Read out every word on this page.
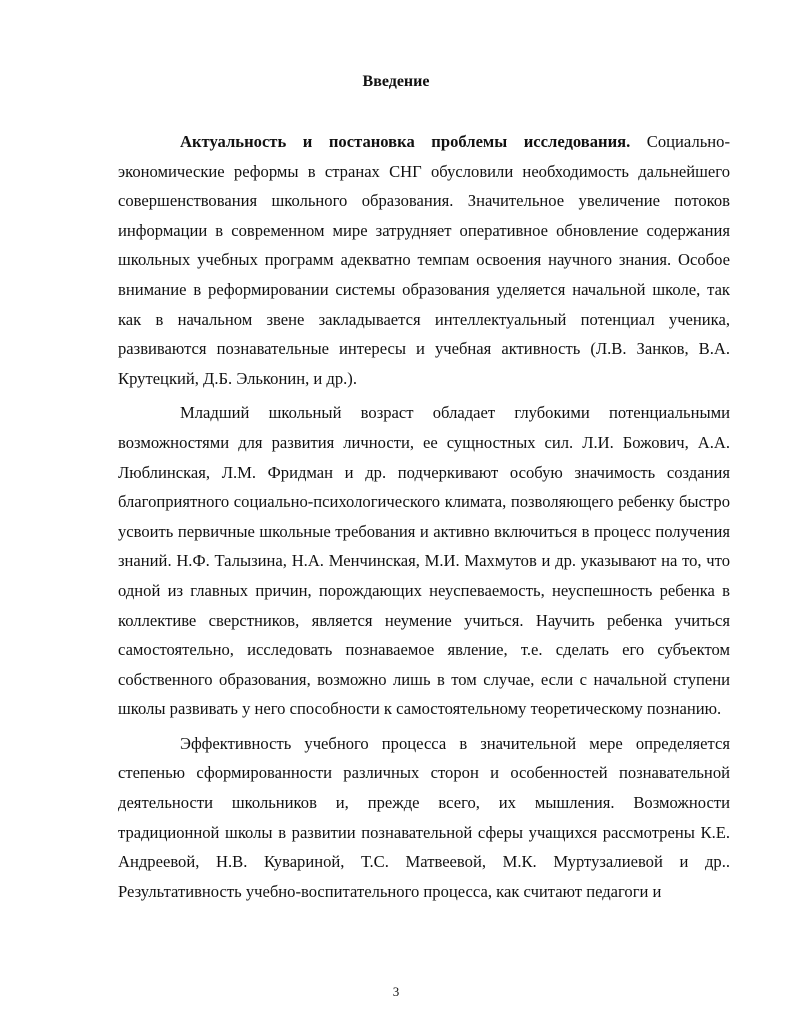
Введение

Актуальность и постановка проблемы исследования. Социально-экономические реформы в странах СНГ обусловили необходимость дальнейшего совершенствования школьного образования. Значительное увеличение потоков информации в современном мире затрудняет оперативное обновление содержания школьных учебных программ адекватно темпам освоения научного знания. Особое внимание в реформировании системы образования уделяется начальной школе, так как в начальном звене закладывается интеллектуальный потенциал ученика, развиваются познавательные интересы и учебная активность (Л.В. Занков, В.А. Крутецкий, Д.Б. Эльконин, и др.).

Младший школьный возраст обладает глубокими потенциальными возможностями для развития личности, ее сущностных сил. Л.И. Божович, А.А. Люблинская, Л.М. Фридман и др. подчеркивают особую значимость создания благоприятного социально-психологического климата, позволяющего ребенку быстро усвоить первичные школьные требования и активно включиться в процесс получения знаний. Н.Ф. Талызина, Н.А. Менчинская, М.И. Махмутов и др. указывают на то, что одной из главных причин, порождающих неуспеваемость, неуспешность ребенка в коллективе сверстников, является неумение учиться. Научить ребенка учиться самостоятельно, исследовать познаваемое явление, т.е. сделать его субъектом собственного образования, возможно лишь в том случае, если с начальной ступени школы развивать у него способности к самостоятельному теоретическому познанию.

Эффективность учебного процесса в значительной мере определяется степенью сформированности различных сторон и особенностей познавательной деятельности школьников и, прежде всего, их мышления. Возможности традиционной школы в развитии познавательной сферы учащихся рассмотрены К.Е. Андреевой, Н.В. Кувариной, Т.С. Матвеевой, М.К. Муртузалиевой и др.. Результативность учебно-воспитательного процесса, как считают педагоги и

3
